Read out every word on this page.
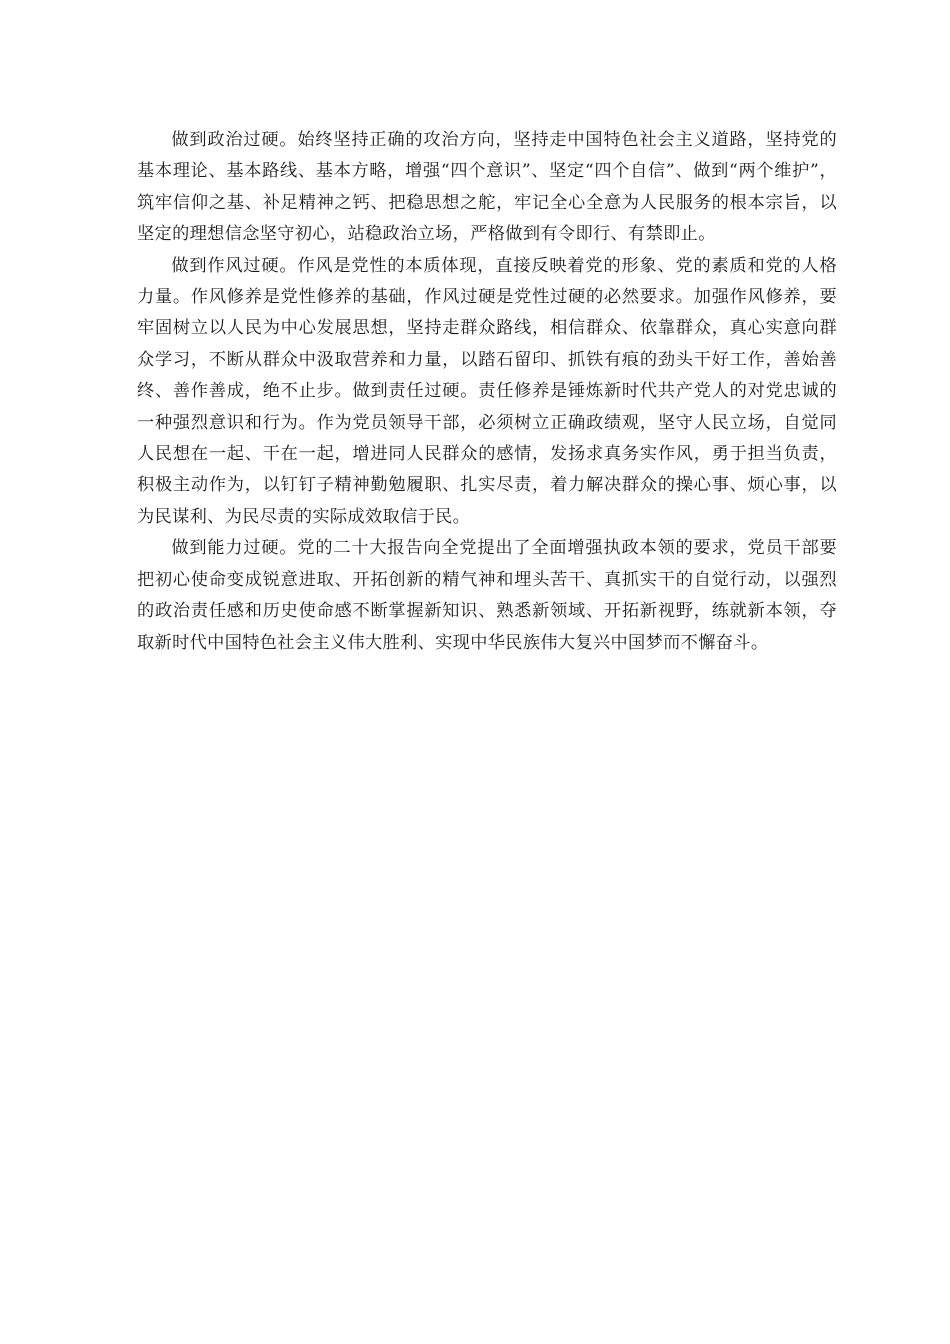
做到政治过硬。始终坚持正确的攻治方向，坚持走中国特色社会主义道路，坚持党的基本理论、基本路线、基本方略，增强“四个意识”、坚定“四个自信”、做到“两个维护”，筑牢信仰之基、补足精神之钙、把稳思想之舵，牢记全心全意为人民服务的根本宗旨，以坚定的理想信念坚守初心，站稳政治立场，严格做到有令即行、有禁即止。

做到作风过硬。作风是党性的本质体现，直接反映着党的形象、党的素质和党的人格力量。作风修养是党性修养的基础，作风过硬是党性过硬的必然要求。加强作风修养，要牢固树立以人民为中心发展思想，坚持走群众路线，相信群众、依靠群众，真心实意向群众学习，不断从群众中汲取营养和力量，以踏石留印、抓铁有痕的劲头干好工作，善始善终、善作善成，绝不止步。做到责任过硬。责任修养是锤炼新时代共产党人的对党忠诚的一种强烈意识和行为。作为党员领导干部，必须树立正确政绩观，坚守人民立场，自觉同人民想在一起、干在一起，增进同人民群众的感情，发扬求真务实作风，勇于担当负责，积极主动作为，以钉钉子精神勤勉履职、扎实尽责，着力解决群众的操心事、烦心事，以为民谋利、为民尽责的实际成效取信于民。

做到能力过硬。党的二十大报告向全党提出了全面增强执政本领的要求，党员干部要把初心使命变成锐意进取、开拓创新的精气神和埋头苦干、真抓实干的自觉行动，以强烈的政治责任感和历史使命感不断掌握新知识、熟悉新领域、开拓新视野，练就新本领，夺取新时代中国特色社会主义伟大胜利、实现中华民族伟大复兴中国梦而不懈奋斗。
